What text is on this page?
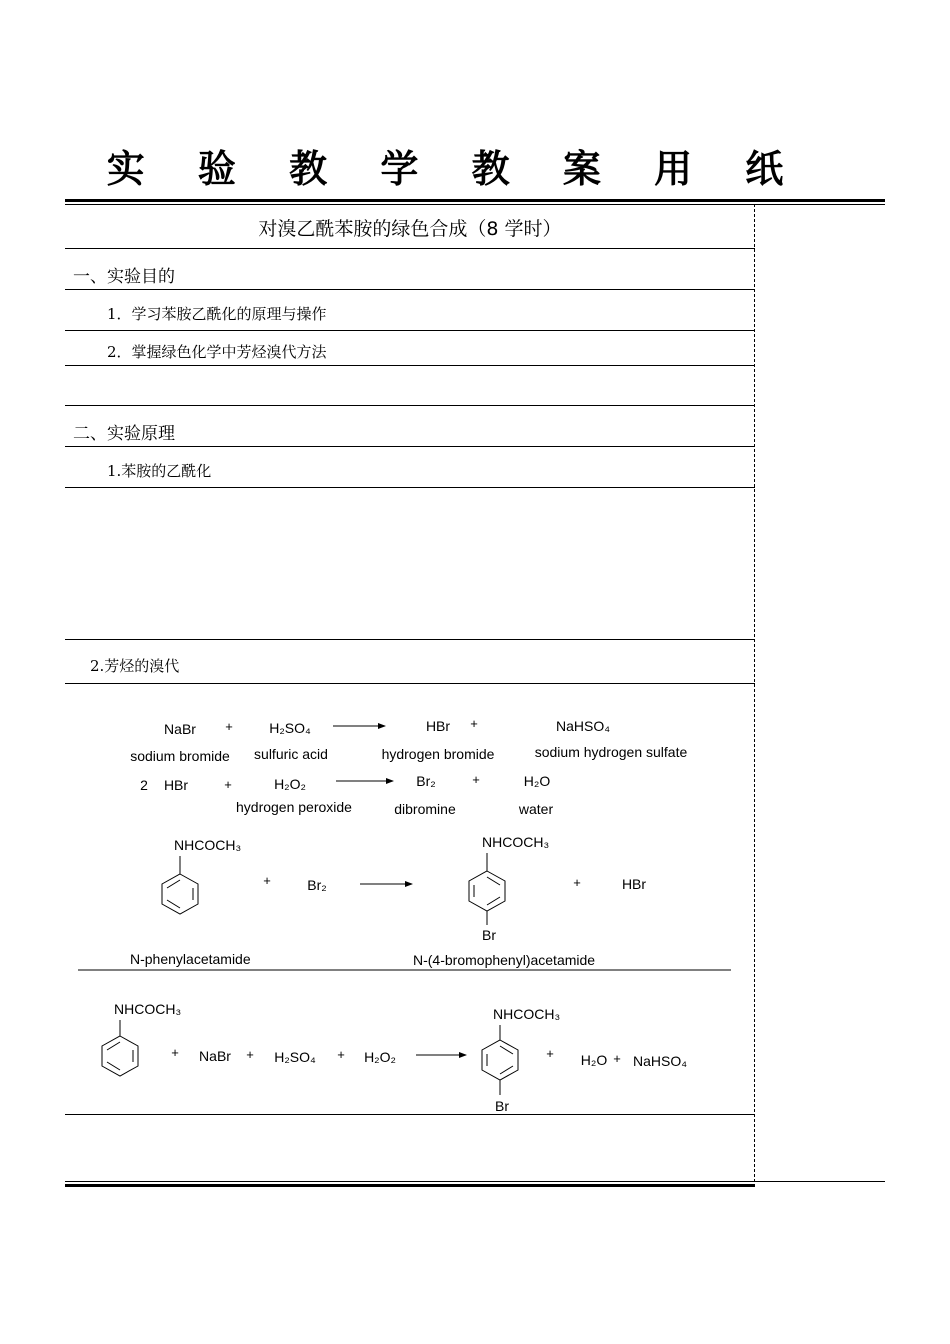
实 验 教 学 教 案 用 纸
对溴乙酰苯胺的绿色合成（8 学时）
一、实验目的
1．学习苯胺乙酰化的原理与操作
2．掌握绿色化学中芳烃溴代方法
二、实验原理
1.苯胺的乙酰化
2.芳烃的溴代
NaBr +	H₂SO₄	HBr +	NaHSO₄
sodium bromide sulfuric acid	hydrogen bromide	sodium hydrogen sulfate
2 HBr	+	H₂O₂	Br₂	+	H₂O
hydrogen peroxide	dibromine	water
NHCOCH₃
+	Br₂
NHCOCH₃
Br
+	HBr
N-phenylacetamide	N-(4-bromophenyl)acetamide
NHCOCH₃
+ NaBr + H₂SO₄ + H₂O₂
NHCOCH₃
Br
+ H₂O + NaHSO₄
